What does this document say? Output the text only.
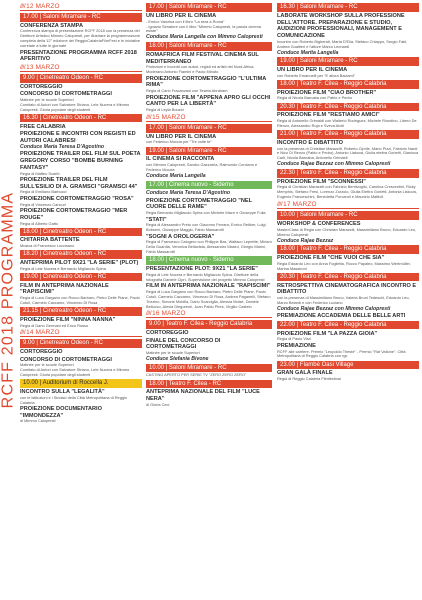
RCFF 2018 PROGRAMMA
////12 MARZO
17.00 | Saloni Miramare - RC
CONFERENZA STAMPA
Conferenza stampa di presentazione RCFF 2018 con la presenza del Direttore Artistico Mimmo Calopresti, per illustrare la programmazione completa della 12° edizione del ReggioCalabriaFilmFest e le iniziative correlate a tutte le giornate
PRESENTAZIONE PROGRAMMA RCFF 2018 APERITIVO
////13 MARZO
9.00 | Cinetreatro Odeon - RC
CORTOREGGIO
CONCORSO DI CORTOMETRAGGI
Matinée per le scuole Superiori
Comitato di Autori con Salvatore Striano, Lele Nucera e Mimmo Calopresti. Giuria popolare degli studenti
16.30 | Cinetreatro Odeon - RC
FREE CALABRIA
PROIEZIONE E INCONTRI CON REGISTI ED AUTORI CALABRESI
Conduce Maria Teresa D'Agostino
PROIEZIONE TRAILER DEL FILM SUL POETA GREGORY CORSO "BOMBE BURNING FANTASY"
Regia di Matteo Scarfò
PROIEZIONE TRAILER DEL FILM SULL'ESILIO DI A. GRAMSCI "GRAMSCI 44"
Regia di Emiliano Barbucci
PROIEZIONE CORTOMETRAGGIO "ROSA"
Regia di Vincenzo Cancuri
PROIEZIONE CORTOMETRAGGIO "MER ROUGE"
Regia di Alberto Gatto
18.00 | Cinetreatro Odeon - RC
CHITARRA BATTENTE
Musica di Francesco Loccisano
18.20 | Cinetreatro Odeon - RC
ANTEPRIMA PILOT 9X21 "LA SERIE" (PLOT)
Regia di Lele Nucera e Bernardo Migliaccio Spina
19.00 | Cinetreatro Odeon - RC
FILM IN ANTEPRIMA NAZIONALE "RAPISCIMI"
Regia di Luca Gargano con Rocco Barbaro, Pietro Delle Piane, Paolo Cutuli, Carmelo Caccamo, Vincenzo Di Rosa
21.15 | Cinetreatro Odeon - RC
PROIEZIONE FILM "NINNA NANNA"
Regia di Dario Germani ed Enzo Russo
////14 MARZO
9.00 | Cinetreatro Odeon - RC
CORTOREGGIO
CONCORSO DI CORTOMETRAGGI
Matinée per le scuole Superiori
Comitato di Autori con Salvatore Striano, Lele Nucera e Mimmo Calopresti. Giuria popolare degli studenti
10.00 | Auditorium di Roccella J.
INCONTRO SULLA "LEGALITÀ"
con le istituzioni e i Sindaci della Città Metropolitana di Reggio Calabria
PROIEZIONE DOCUMENTARIO "IMMONDEZZA"
di Mimmo Calopresti
17.00 | Saloni Miramare - RC
UN LIBRO PER IL CINEMA
- Enrico Vanzina con il libro "La sera a Roma"
- Ignazio Senatore con il libro "Mimmo Calopresti, la parola cinema esiste"
Conduce Maria Langella con Mimmo Calopresti
18.00 | Saloni Miramare - RC
ROMAFRICA FILM FESTIVAL CINEMA SUL MEDITERRANEO
Proiezioni e incontri con autori, registi ed artisti del Nord-Africa. Moderano Antonio Flamini e Paolo Minuto
PROIEZIONE CORTOMETRAGGIO "L'ULTIMA RIMA"
Regia di Carlo Fracanzani con Teseta Abraham
PROIEZIONE FILM "APPENA APRO GLI OCCHI CANTO PER LA LIBERTÀ"
Regia di Leyla Bouzid
////15 MARZO
17.00 | Saloni Miramare - RC
UN LIBRO PER IL CINEMA
con Federico Moccia per "Tre volte te"
19.00 | Saloni Miramare - RC
IL CINEMA SI RACCONTA
con Mimmo Calopresti, Sandro Gazzarria, Raimondo Corciano e Federico Moccia
Conduce Maria Langella
17.00 | Cinema nuovo - Siderno
Conduce Maria Teresa D'Agostino
PROIEZIONE CORTOMETRAGGIO "NEL CUORE DELLE RAME"
Regia Bernardo Migliaccio Spina con Michele Macrì e Giuseppe Fulla
"STATI"
Regia di Alessandro Preto con Giacomo Ferrara, Enrico Reitker, Luigi Bobseni, Giuseppe Maggio, Fabio Massarotti
"SOGNI A OROLOGERIA"
Regia di Francesco Calogero con Philippe Bas, Walfaco Leprette, Miriam Della Guardia, Veronica Bellavista, Alessandro Masini, Giorgio Marini, Fabio Massarotti
18.00 | Cinema nuovo - Siderno
PRESENTAZIONE PLOT: 9X21 "LA SERIE"
Regia di Lele Nucera e Bernardo Migliaccio Spina. Direttore della fotografia Daniele Ciprì, Supervisione del progetto Mimmo Calopresti
FILM IN ANTEPRIMA NAZIONALE "RAPISCIMI"
Regia di Luca Gargano con Rocco Barbaro, Pietro Delle Piane, Paolo Cutuli, Carmelo Caccamo, Vincenzo Di Rosa, Andrea Paganelli, Stefano Trizzino, Simone Mobilia, Dario Scarciglia, Alessia Moisé, Daniele Bellocco, Alexia Diegoremi, Juan Pablo Pires, Virgilio Castelo
////16 MARZO
9.00 | Teatro F. Cilea - Reggio Calabria
CORTOREGGIO
FINALE DEL CONCORSO DI CORTOMETRAGGI
Matinée per le scuole Superiori
Conduce Stefania Bivone
10.00 | Saloni Miramare - RC
CASTING APERTO PER SERIE TV "ZERO ZERO ZERO"
18.00 | Teatro F. Cilea - RC
ANTEPRIMA NAZIONALE DEL FILM "LUCE NERA"
di Gloria Ceci
16.30 | Saloni Miramare - RC
LABORATE WORKSHOP SULLA PROFESSIONE DELL'ATTORE. PREPARAZIONE E STUDIO, AUDIZIONI PROFESSIONALI, MANAGEMENT E COMUNICAZIONE
Incontro con Roberto Bigherati, Marta D'Elia, Stefano Chiappo, Sergio Fabi, Andrea Gualtieri e l'attore Marco Leonardi
Conduce Marita Langella
19.00 | Saloni Miramare - RC
UN LIBRO PER IL CINEMA
con Roberto Emanuelli per "E allora Baciami"
18.00 | Teatro F. Cilea - Reggio Calabria
PROIEZIONE FILM "CIAO BROTHER"
Regia di Nicola Barnaba con Pablo e Pedro
20.30 | Teatro F. Cilea - Reggio Calabria
PROIEZIONE FILM "RESTIAMO AMICI"
Regia di Antonello Grimaldi con Walterio Rodríguez, Michele Riondino, Libero De Rienzo, Alessandro Roja e Sveva Alviti
21.00 | Teatro F. Cilea - Reggio Calabria
INCONTRO E DIBATTITO
con la presenza di Christian Marazziti, Roberto Ciprile, Mario Pizzi, Fabrizio Nardi e Nico Di Renzo (Pablo e Pedro), Antonio Liakova, Giulia elettra Gorietti, Gianluca Carli, Nicola Barnaba, Antonello Grimaldi
Conduce Rajae Bezzaz con Mimmo Calopresti
22.30 | Teatro F. Cilea - Reggio Calabria
PROIEZIONE FILM "SCONNESSI"
Regia di Christian Marazziti con Fabrizio Bentivoglio, Carolina Crescentini, Ricky Memphis, Stefano Fresi, Lorenzo Zurzolo, Giulia Elettra Gorietti, Antonia Liskova, Eugenio Franceschini, Benedetta Porcaroli e Maurizio Mattioli
////17 MARZO
10.00 | Saloni Miramare - RC
WORKSHOP & CONFERENCES
MasterClass di Regia con Christian Marazziti, Massimiliano Bruno, Edoardo Leo, Mimmo Calopresti
Conduce Rajae Bezzaz
18.00 | Teatro F. Cilea - Reggio Calabria
PROIEZIONE FILM "CHE VUOI CHE SIA"
Regia Edoardo Leo con Anna Foglietta, Rocco Papaleo, Massimo Wertmüller, Marina Massironi
20.30 | Teatro F. Cilea - Reggio Calabria
RETROSPETTIVA CINEMATOGRAFICA INCONTRO E DIBATTITO
con la presenza di Massimiliano Bruno, Valeria Bruni Tedeschi, Edoardo Leo, Marco Belardi e con Federico Luciano
Conduce Rajae Bezzaz con Mimmo Calopresti
PREMIAZIONE ACCADEMIA DELLE BELLE ARTI
22.00 | Teatro F. Cilea - Reggio Calabria
PROIEZIONE FILM "LA PAZZA GIOIA"
Regia di Paolo Virzì
PREMIAZIONE
RCFF alle carriere. Premio "Leopoldo Trieste" - Premio "Raf Vallone". Città Metropolitana di Reggio Calabria con rgc
23.00 | Flambé Oasi Village
GRAN GALÀ FINALE
Regia di Reggio Calabria Filmfestival
